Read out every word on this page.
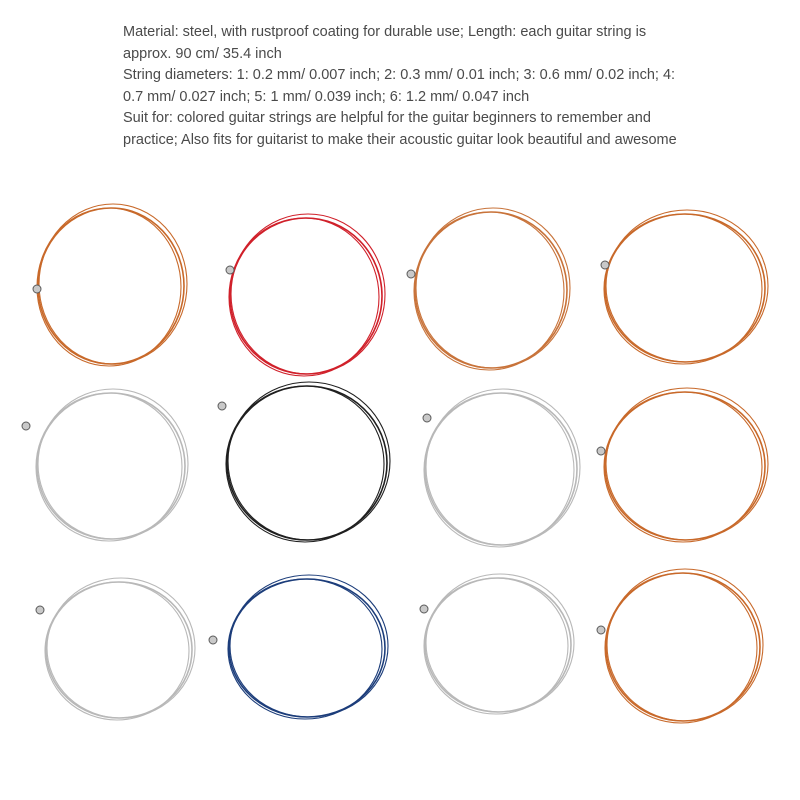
Material: steel, with rustproof coating for durable use; Length: each guitar string is

approx. 90 cm/ 35.4 inch

String diameters: 1: 0.2 mm/ 0.007 inch; 2: 0.3 mm/ 0.01 inch; 3: 0.6 mm/ 0.02 inch; 4:

0.7 mm/ 0.027 inch; 5: 1 mm/ 0.039 inch; 6: 1.2 mm/ 0.047 inch

Suit for: colored guitar strings are helpful for the guitar beginners to remember and

practice; Also fits for guitarist to make their acoustic guitar look beautiful and awesome
